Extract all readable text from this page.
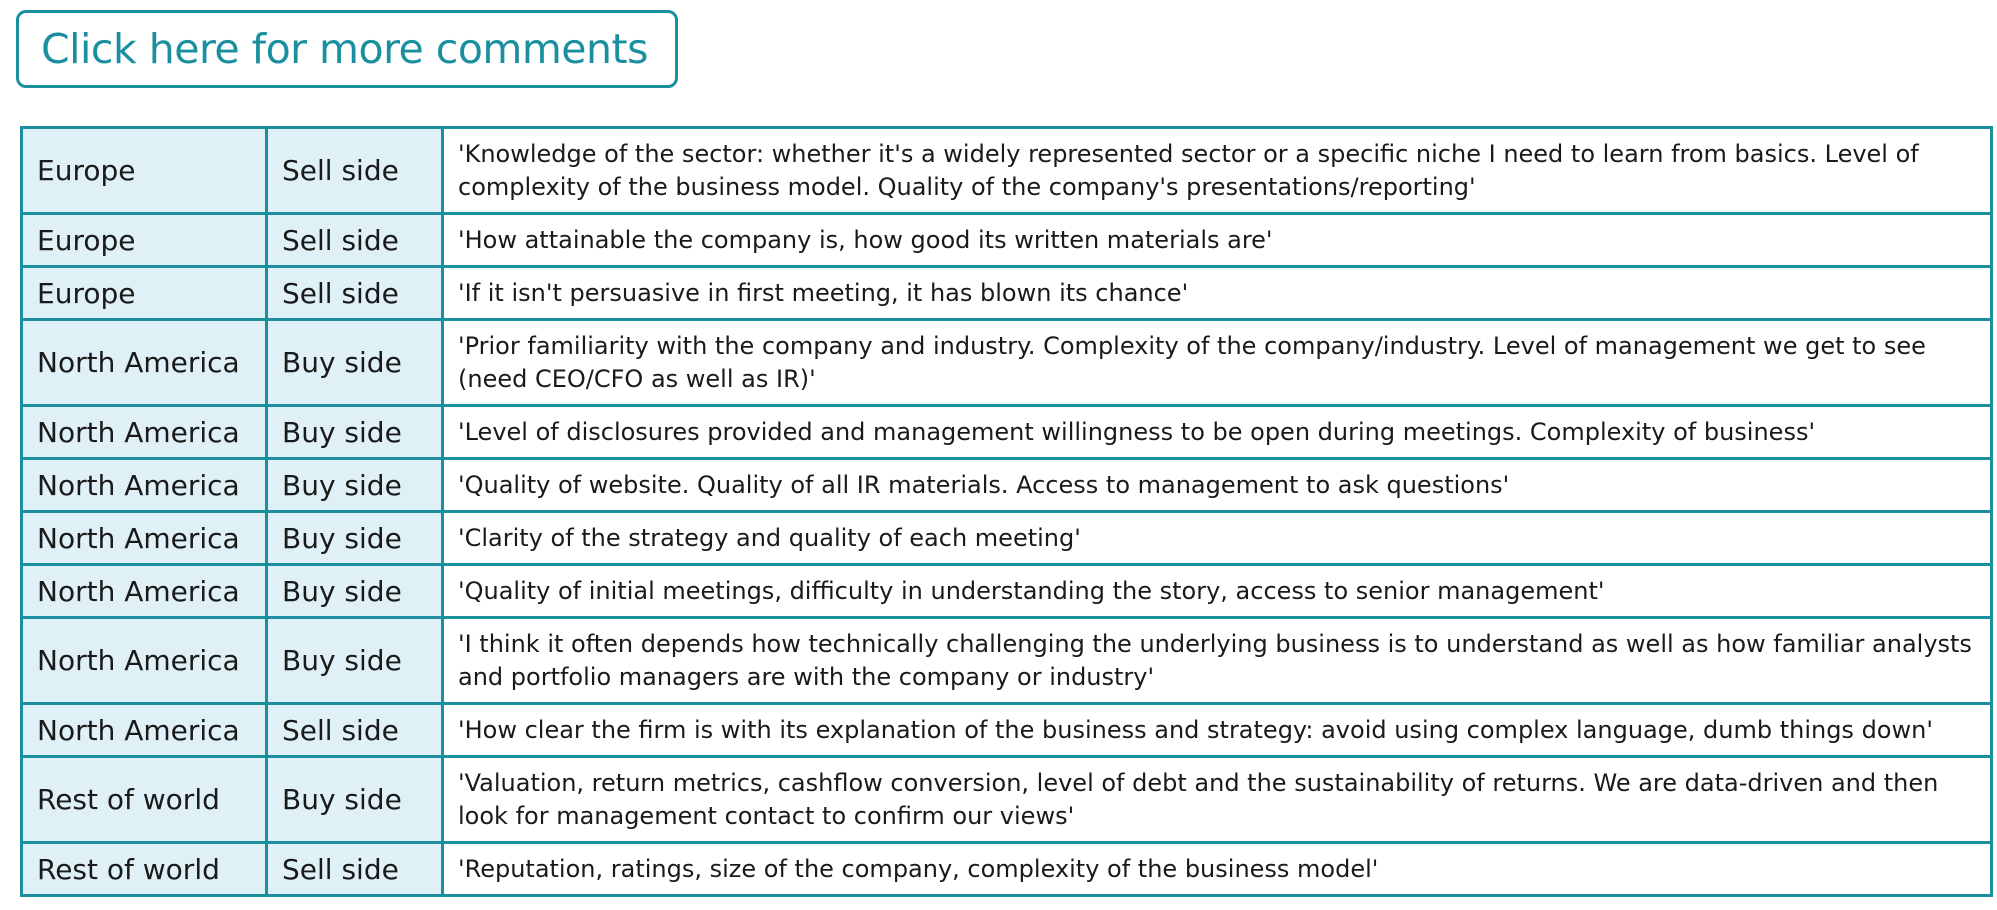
Click here for more comments
Europe	Sell side	'Knowledge of the sector: whether it's a widely represented sector or a specific niche I need to learn from basics. Level of complexity of the business model. Quality of the company's presentations/reporting'
Europe	Sell side	'How attainable the company is, how good its written materials are'
Europe	Sell side	'If it isn't persuasive in first meeting, it has blown its chance'
North America	Buy side	'Prior familiarity with the company and industry. Complexity of the company/industry. Level of management we get to see (need CEO/CFO as well as IR)'
North America	Buy side	'Level of disclosures provided and management willingness to be open during meetings. Complexity of business'
North America	Buy side	'Quality of website. Quality of all IR materials. Access to management to ask questions'
North America	Buy side	'Clarity of the strategy and quality of each meeting'
North America	Buy side	'Quality of initial meetings, difficulty in understanding the story, access to senior management'
North America	Buy side	'I think it often depends how technically challenging the underlying business is to understand as well as how familiar analysts and portfolio managers are with the company or industry'
North America	Sell side	'How clear the firm is with its explanation of the business and strategy: avoid using complex language, dumb things down'
Rest of world	Buy side	'Valuation, return metrics, cashflow conversion, level of debt and the sustainability of returns. We are data-driven and then look for management contact to confirm our views'
Rest of world	Sell side	'Reputation, ratings, size of the company, complexity of the business model'
